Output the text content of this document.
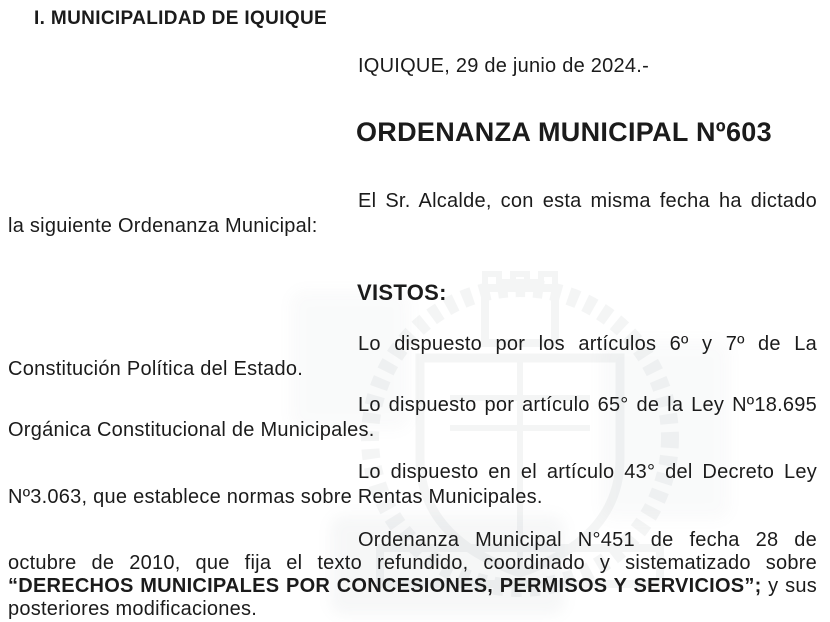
I. MUNICIPALIDAD DE IQUIQUE
IQUIQUE, 29 de junio de 2024.-
ORDENANZA MUNICIPAL Nº603
El Sr. Alcalde, con esta misma fecha ha dictado
la siguiente Ordenanza Municipal:
VISTOS:
Lo dispuesto por los artículos 6º y 7º de La
Constitución Política del Estado.
Lo dispuesto por artículo 65° de la Ley Nº18.695
Orgánica Constitucional de Municipales.
Lo dispuesto en el artículo 43° del Decreto Ley
Nº3.063, que establece normas sobre Rentas Municipales.
Ordenanza Municipal N°451 de fecha 28 de
octubre de 2010, que fija el texto refundido, coordinado y sistematizado sobre
“DERECHOS MUNICIPALES POR CONCESIONES, PERMISOS Y SERVICIOS”; y sus
posteriores modificaciones.
